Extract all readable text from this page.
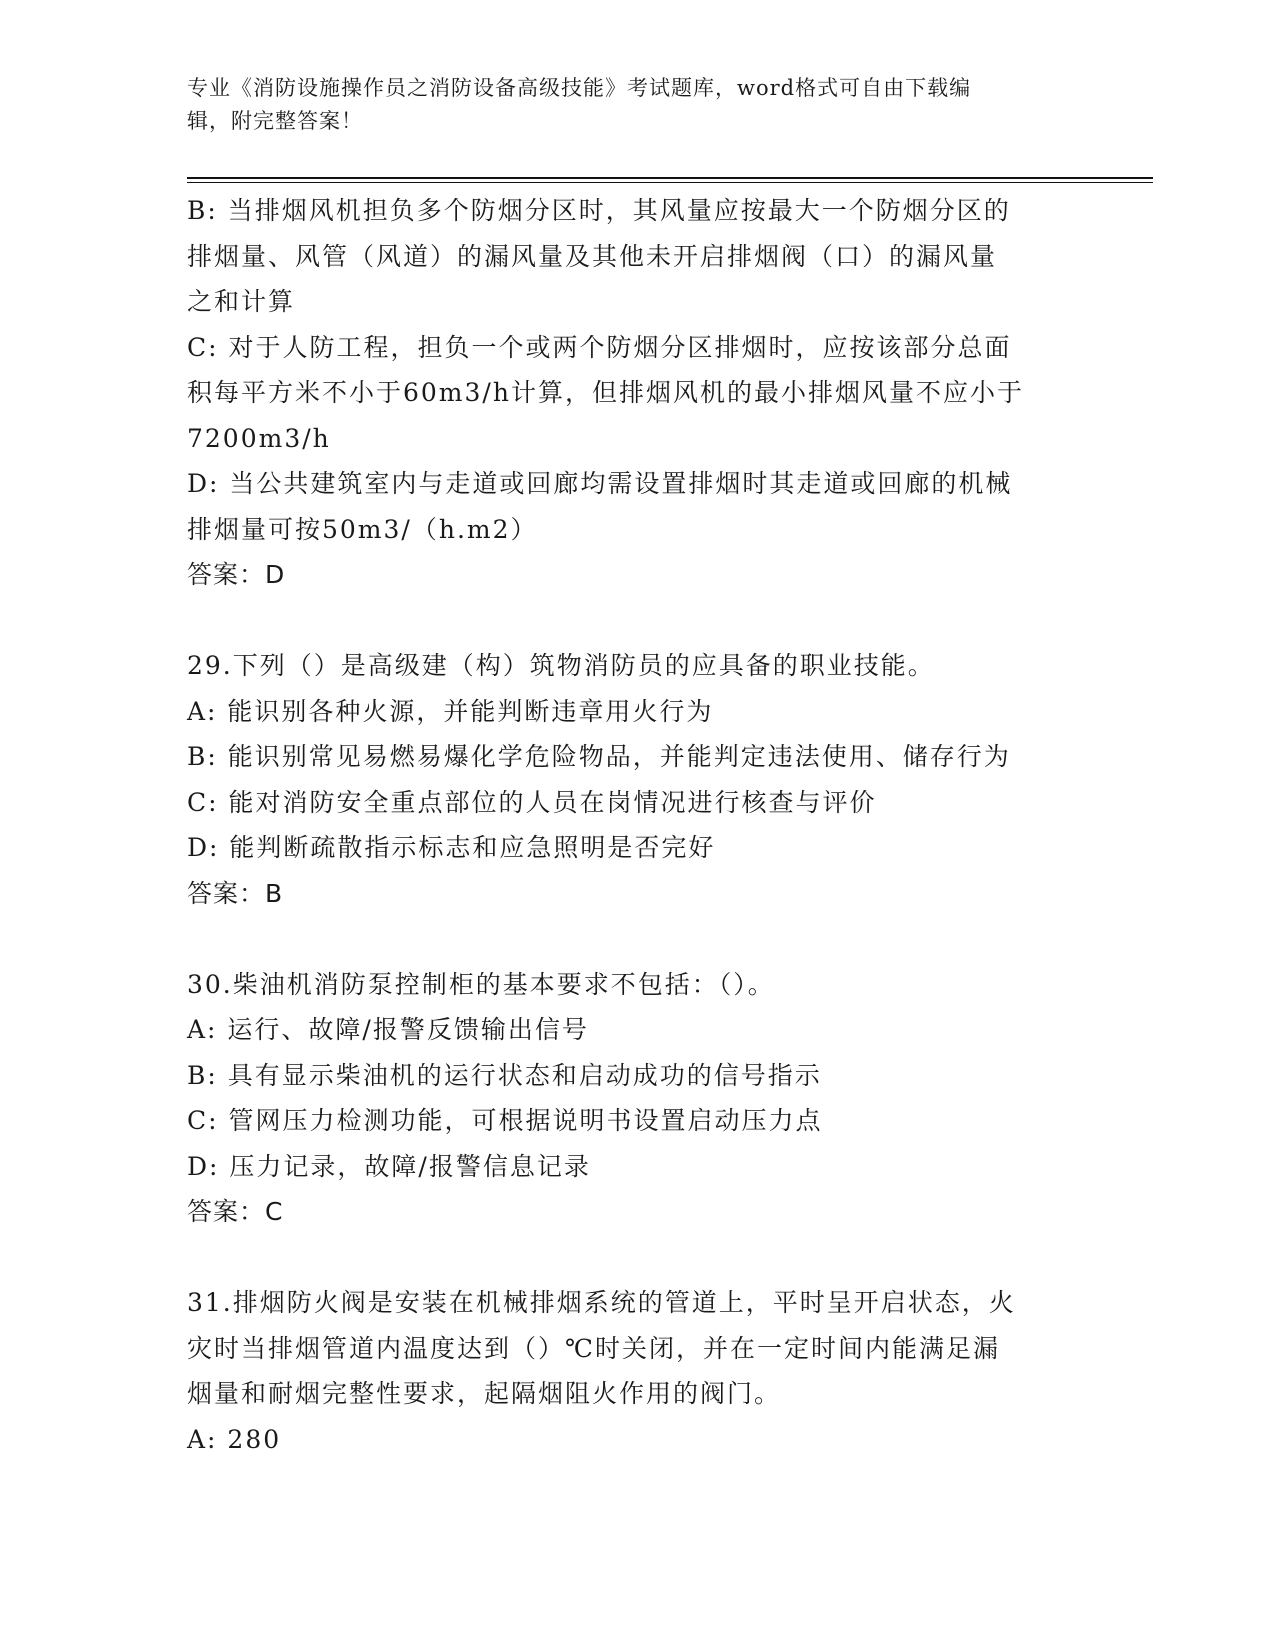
专业《消防设施操作员之消防设备高级技能》考试题库，word格式可自由下载编
辑，附完整答案！
B: 当排烟风机担负多个防烟分区时，其风量应按最大一个防烟分区的
排烟量、风管（风道）的漏风量及其他未开启排烟阀（口）的漏风量
之和计算
C: 对于人防工程，担负一个或两个防烟分区排烟时，应按该部分总面
积每平方米不小于60m3/h计算，但排烟风机的最小排烟风量不应小于
7200m3/h
D: 当公共建筑室内与走道或回廊均需设置排烟时其走道或回廊的机械
排烟量可按50m3/（h.m2）
答案：D
29.下列（）是高级建（构）筑物消防员的应具备的职业技能。
A: 能识别各种火源，并能判断违章用火行为
B: 能识别常见易燃易爆化学危险物品，并能判定违法使用、储存行为
C: 能对消防安全重点部位的人员在岗情况进行核查与评价
D: 能判断疏散指示标志和应急照明是否完好
答案：B
30.柴油机消防泵控制柜的基本要求不包括：（）。
A: 运行、故障/报警反馈输出信号
B: 具有显示柴油机的运行状态和启动成功的信号指示
C: 管网压力检测功能，可根据说明书设置启动压力点
D: 压力记录，故障/报警信息记录
答案：C
31.排烟防火阀是安装在机械排烟系统的管道上，平时呈开启状态，火
灾时当排烟管道内温度达到（）℃时关闭，并在一定时间内能满足漏
烟量和耐烟完整性要求，起隔烟阻火作用的阀门。
A: 280
